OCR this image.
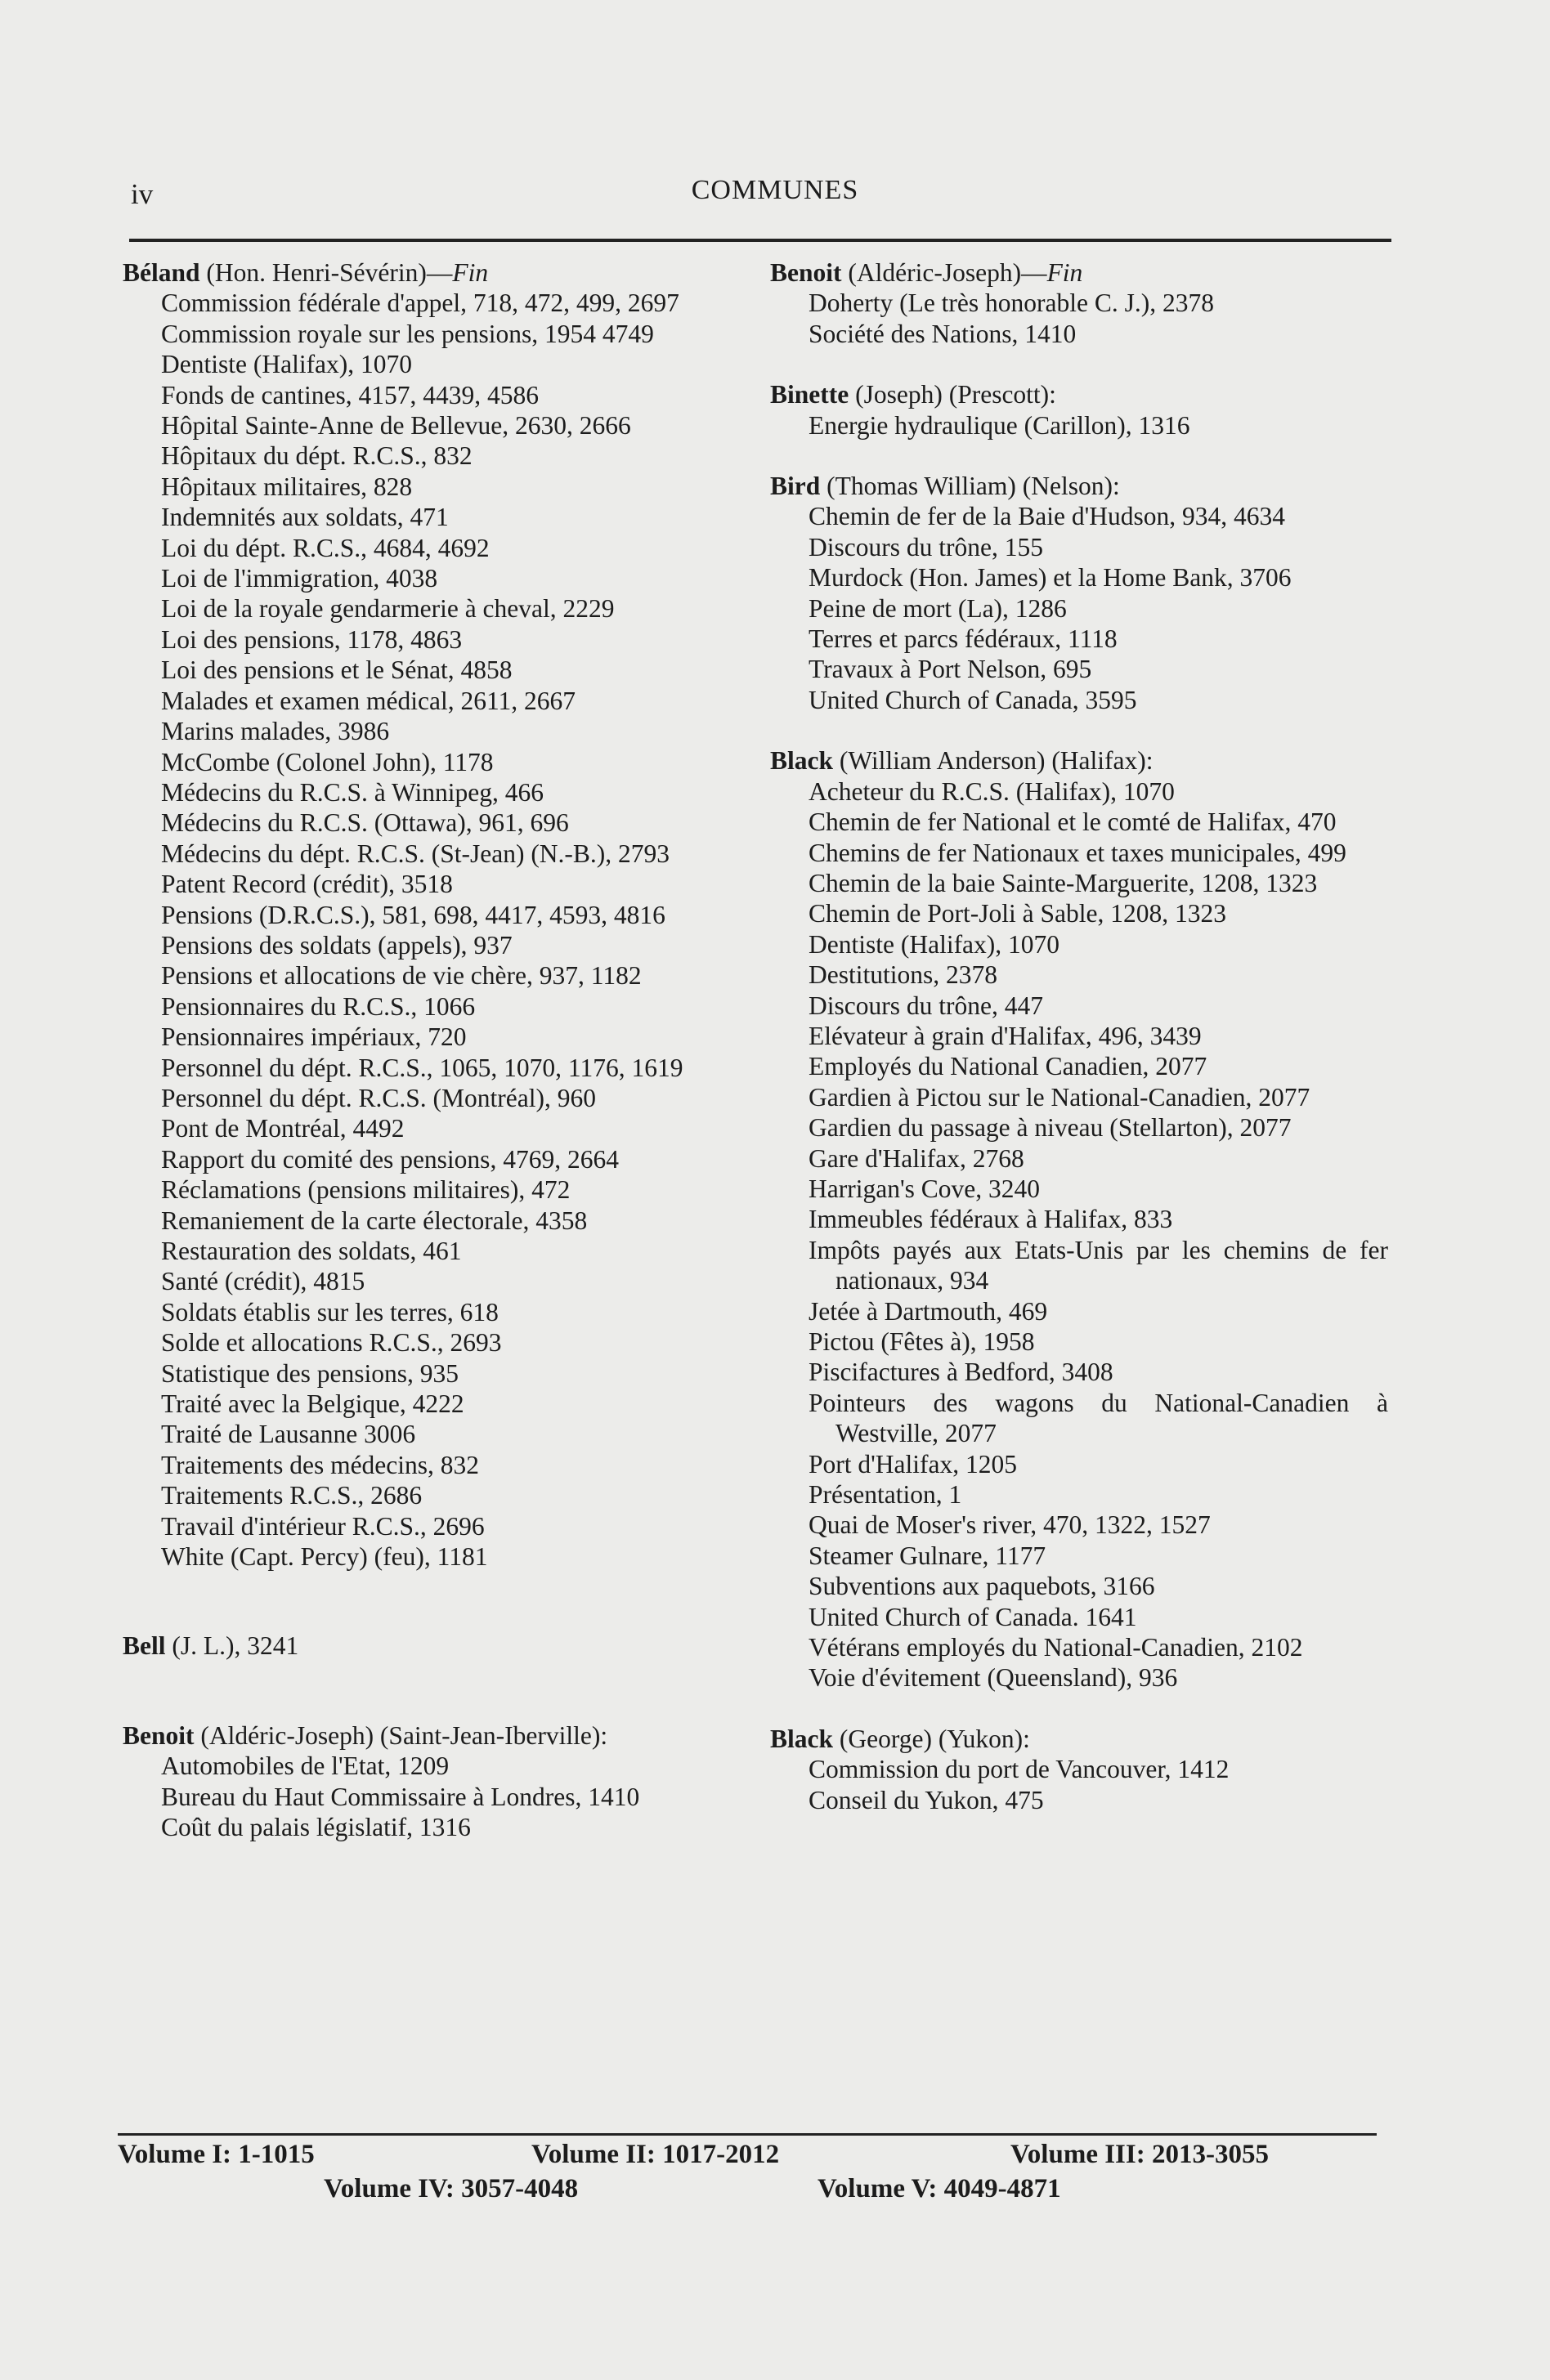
iv	COMMUNES
Béland (Hon. Henri-Sévérin)—Fin
Commission fédérale d'appel, 718, 472, 499, 2697
Commission royale sur les pensions, 1954 4749
Dentiste (Halifax), 1070
Fonds de cantines, 4157, 4439, 4586
Hôpital Sainte-Anne de Bellevue, 2630, 2666
Hôpitaux du dépt. R.C.S., 832
Hôpitaux militaires, 828
Indemnités aux soldats, 471
Loi du dépt. R.C.S., 4684, 4692
Loi de l'immigration, 4038
Loi de la royale gendarmerie à cheval, 2229
Loi des pensions, 1178, 4863
Loi des pensions et le Sénat, 4858
Malades et examen médical, 2611, 2667
Marins malades, 3986
McCombe (Colonel John), 1178
Médecins du R.C.S. à Winnipeg, 466
Médecins du R.C.S. (Ottawa), 961, 696
Médecins du dépt. R.C.S. (St-Jean) (N.-B.), 2793
Patent Record (crédit), 3518
Pensions (D.R.C.S.), 581, 698, 4417, 4593, 4816
Pensions des soldats (appels), 937
Pensions et allocations de vie chère, 937, 1182
Pensionnaires du R.C.S., 1066
Pensionnaires impériaux, 720
Personnel du dépt. R.C.S., 1065, 1070, 1176, 1619
Personnel du dépt. R.C.S. (Montréal), 960
Pont de Montréal, 4492
Rapport du comité des pensions, 4769, 2664
Réclamations (pensions militaires), 472
Remaniement de la carte électorale, 4358
Restauration des soldats, 461
Santé (crédit), 4815
Soldats établis sur les terres, 618
Solde et allocations R.C.S., 2693
Statistique des pensions, 935
Traité avec la Belgique, 4222
Traité de Lausanne 3006
Traitements des médecins, 832
Traitements R.C.S., 2686
Travail d'intérieur R.C.S., 2696
White (Capt. Percy) (feu), 1181
Bell (J. L.), 3241
Benoit (Aldéric-Joseph) (Saint-Jean-Iberville):
Automobiles de l'Etat, 1209
Bureau du Haut Commissaire à Londres, 1410
Coût du palais législatif, 1316
Benoit (Aldéric-Joseph)—Fin
Doherty (Le très honorable C. J.), 2378
Société des Nations, 1410
Binette (Joseph) (Prescott):
Energie hydraulique (Carillon), 1316
Bird (Thomas William) (Nelson):
Chemin de fer de la Baie d'Hudson, 934, 4634
Discours du trône, 155
Murdock (Hon. James) et la Home Bank, 3706
Peine de mort (La), 1286
Terres et parcs fédéraux, 1118
Travaux à Port Nelson, 695
United Church of Canada, 3595
Black (William Anderson) (Halifax):
Acheteur du R.C.S. (Halifax), 1070
Chemin de fer National et le comté de Halifax, 470
Chemins de fer Nationaux et taxes municipales, 499
Chemin de la baie Sainte-Marguerite, 1208, 1323
Chemin de Port-Joli à Sable, 1208, 1323
Dentiste (Halifax), 1070
Destitutions, 2378
Discours du trône, 447
Elévateur à grain d'Halifax, 496, 3439
Employés du National Canadien, 2077
Gardien à Pictou sur le National-Canadien, 2077
Gardien du passage à niveau (Stellarton), 2077
Gare d'Halifax, 2768
Harrigan's Cove, 3240
Immeubles fédéraux à Halifax, 833
Impôts payés aux Etats-Unis par les chemins de fer nationaux, 934
Jetée à Dartmouth, 469
Pictou (Fêtes à), 1958
Piscifactures à Bedford, 3408
Pointeurs des wagons du National-Canadien à Westville, 2077
Port d'Halifax, 1205
Présentation, 1
Quai de Moser's river, 470, 1322, 1527
Steamer Gulnare, 1177
Subventions aux paquebots, 3166
United Church of Canada. 1641
Vétérans employés du National-Canadien, 2102
Voie d'évitement (Queensland), 936
Black (George) (Yukon):
Commission du port de Vancouver, 1412
Conseil du Yukon, 475
Volume I: 1-1015	Volume II: 1017-2012	Volume III: 2013-3055
Volume IV: 3057-4048	Volume V: 4049-4871
